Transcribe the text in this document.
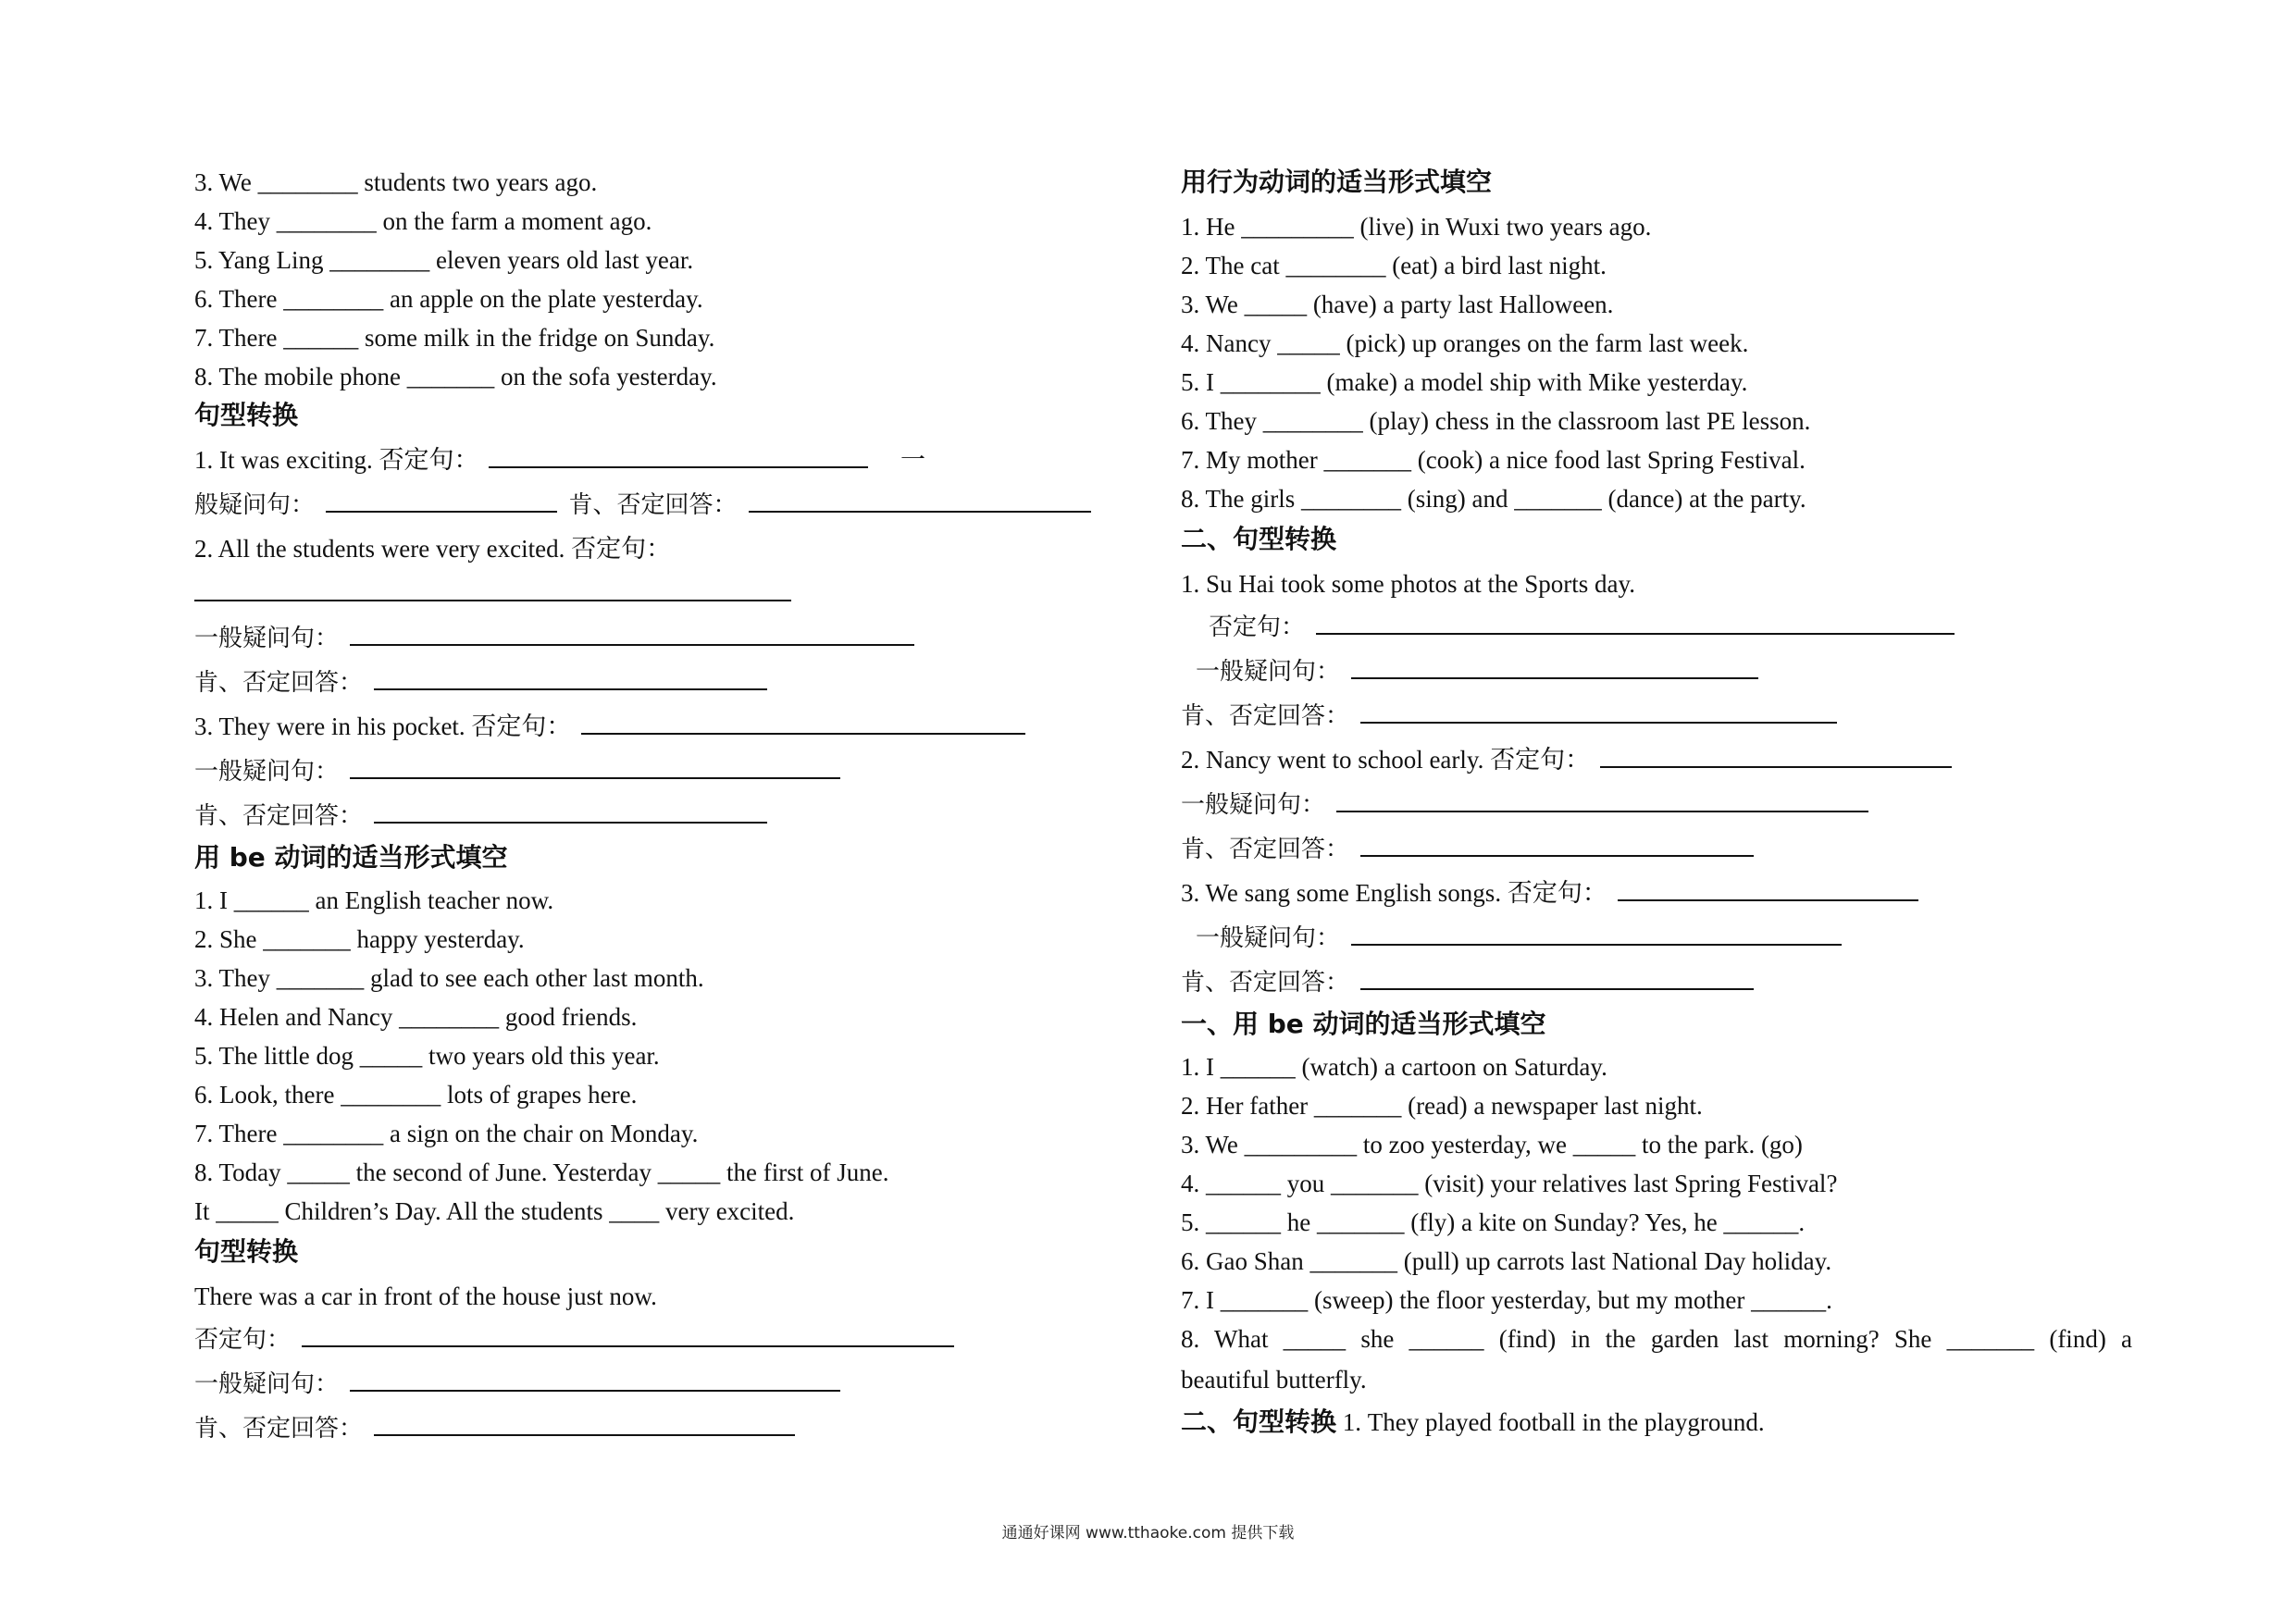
3. We ________ students two years ago.
4. They ________ on the farm a moment ago.
5. Yang Ling ________ eleven years old last year.
6. There ________ an apple on the plate yesterday.
7. There ______ some milk in the fridge on Sunday.
8. The mobile phone _______ on the sofa yesterday.
句型转换
1. It was exciting. 否定句：	一
般疑问句：	肯、否定回答：
2. All the students were very excited. 否定句：
一般疑问句：
肯、否定回答：
3. They were in his pocket. 否定句：
一般疑问句：
肯、否定回答：
用 be 动词的适当形式填空
1. I ______ an English teacher now.
2. She _______ happy yesterday.
3. They _______ glad to see each other last month.
4. Helen and Nancy ________ good friends.
5. The little dog _____ two years old this year.
6. Look, there ________ lots of grapes here.
7. There ________ a sign on the chair on Monday.
8. Today _____ the second of June. Yesterday _____ the first of June.
It _____ Children’s Day. All the students ____ very excited.
句型转换
There was a car in front of the house just now.
否定句：
一般疑问句：
肯、否定回答：
用行为动词的适当形式填空
1. He _________ (live) in Wuxi two years ago.
2. The cat ________ (eat) a bird last night.
3. We _____ (have) a party last Halloween.
4. Nancy _____ (pick) up oranges on the farm last week.
5. I ________ (make) a model ship with Mike yesterday.
6. They ________ (play) chess in the classroom last PE lesson.
7. My mother _______ (cook) a nice food last Spring Festival.
8. The girls ________ (sing) and _______ (dance) at the party.
二、句型转换
1. Su Hai took some photos at the Sports day.
否定句：
一般疑问句：
肯、否定回答：
2. Nancy went to school early. 否定句：
一般疑问句：
肯、否定回答：
3. We sang some English songs. 否定句：
一般疑问句：
肯、否定回答：
一、用 be 动词的适当形式填空
1. I ______ (watch) a cartoon on Saturday.
2. Her father _______ (read) a newspaper last night.
3. We _________ to zoo yesterday, we _____ to the park. (go)
4. ______ you _______ (visit) your relatives last Spring Festival?
5. ______ he _______ (fly) a kite on Sunday? Yes, he ______.
6. Gao Shan _______ (pull) up carrots last National Day holiday.
7. I _______ (sweep) the floor yesterday, but my mother ______.
8. What _____ she ______ (find) in the garden last morning? She _______ (find) a
beautiful butterfly.
二、句型转换 1. They played football in the playground.
通通好课网 www.tthaoke.com 提供下载
